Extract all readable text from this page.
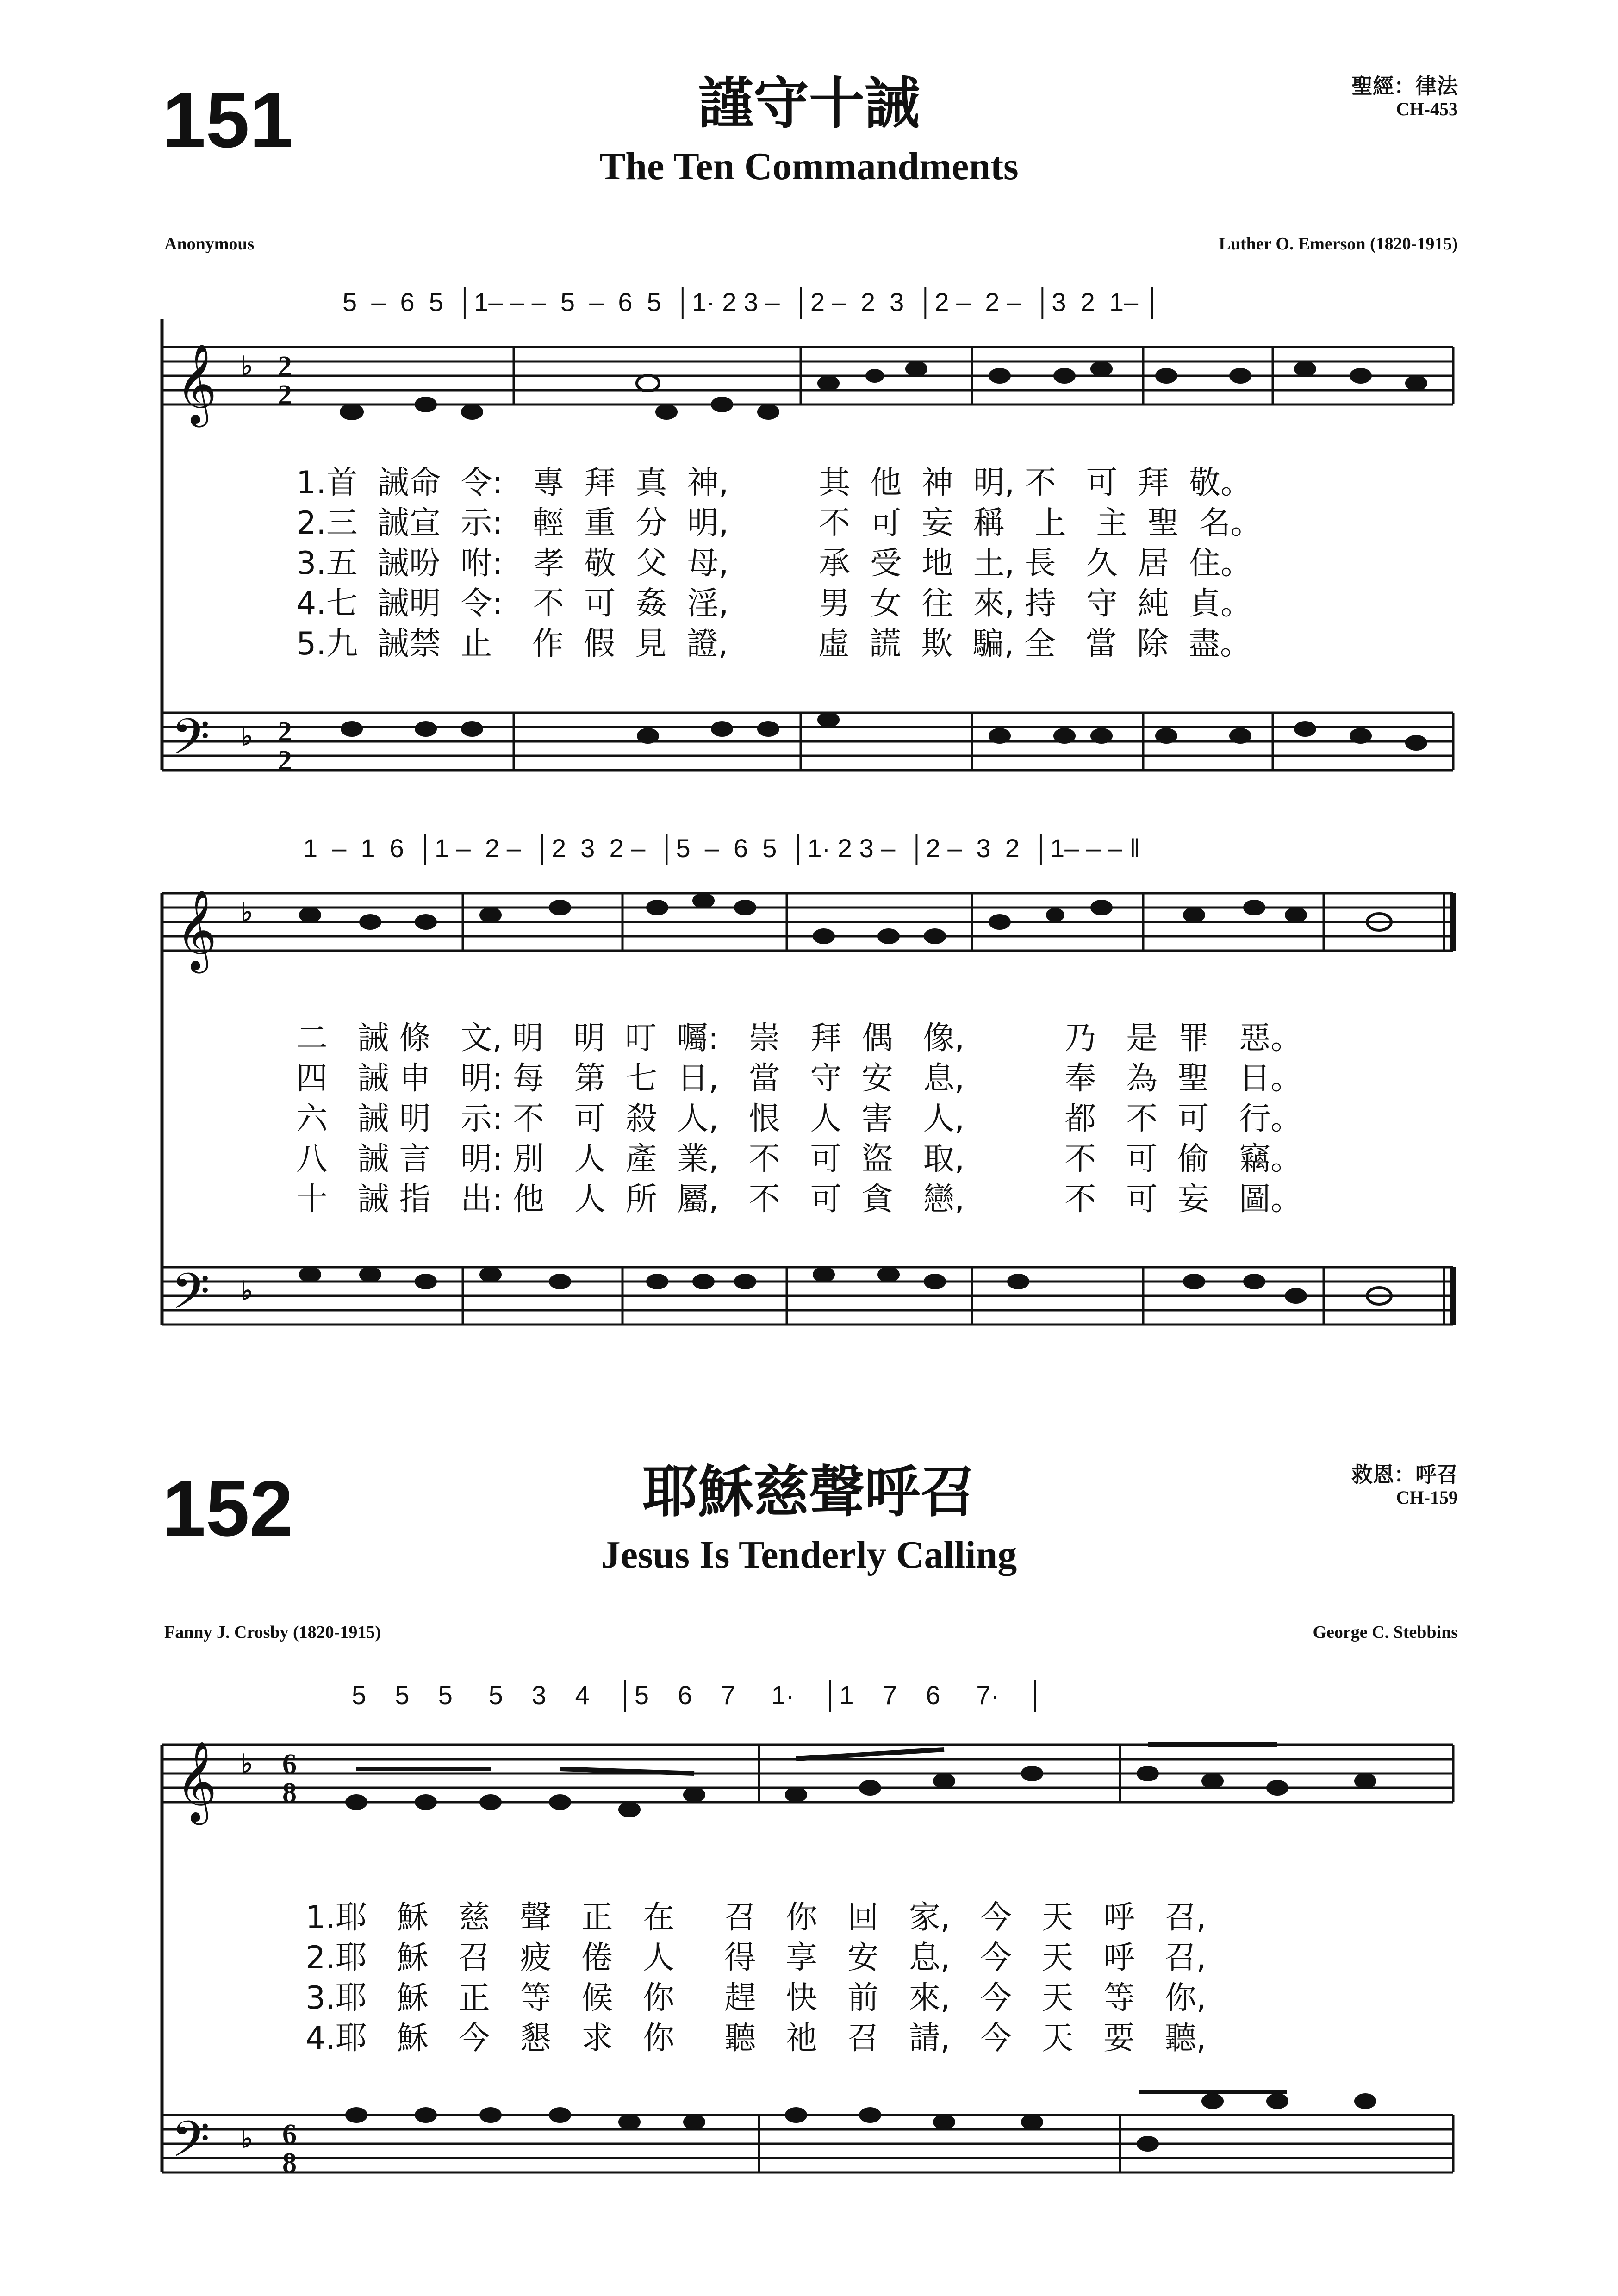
151	謹守十誡
The Ten Commandments
聖經：律法
CH-453
Anonymous	Luther O. Emerson (1820-1915)
5  –  6  5  │1– – –  5  –  6  5  │1· 2 3 –  │2 –  2  3  │2 –  2 –  │3  2  1– │
𝄞
𝄢
♭
♭
2
2
2
2
1.首  誡命  令:   專  拜  真  神,         其  他  神  明, 不   可  拜  敬。
2.三  誡宣  示:   輕  重  分  明,         不  可  妄  稱   上   主  聖  名。
3.五  誡吩  咐:   孝  敬  父  母,         承  受  地  土, 長   久  居  住。
4.七  誡明  令:   不  可  姦  淫,         男  女  往  來, 持   守  純  貞。
5.九  誡禁  止    作  假  見  證,         虛  謊  欺  騙, 全   當  除  盡。
1  –  1  6  │1 –  2 –  │2  3  2 –  │5  –  6  5  │1· 2 3 –  │2 –  3  2  │1– – – ‖
𝄞
𝄢
♭
♭
二   誡 條   文, 明   明  叮  囑:   崇   拜  偶   像,          乃   是  罪   惡。
四   誡 申   明: 每   第  七  日,   當   守  安   息,          奉   為  聖   日。
六   誡 明   示: 不   可  殺  人,   恨   人  害   人,          都   不  可   行。
八   誡 言   明: 別   人  產  業,   不   可  盜   取,          不   可  偷   竊。
十   誡 指   出: 他   人  所  屬,   不   可  貪   戀,          不   可  妄   圖。
152	耶穌慈聲呼召
Jesus Is Tenderly Calling
救恩：呼召
CH-159
Fanny J. Crosby (1820-1915)	George C. Stebbins
5    5    5     5    3    4    │5    6    7     1·    │1    7    6     7·    │
𝄞
𝄢
♭
♭
6
8
6
8
1.耶   穌   慈   聲   正   在     召   你   回   家,   今   天   呼   召,
2.耶   穌   召   疲   倦   人     得   享   安   息,   今   天   呼   召,
3.耶   穌   正   等   候   你     趕   快   前   來,   今   天   等   你,
4.耶   穌   今   懇   求   你     聽   祂   召   請,   今   天   要   聽,
